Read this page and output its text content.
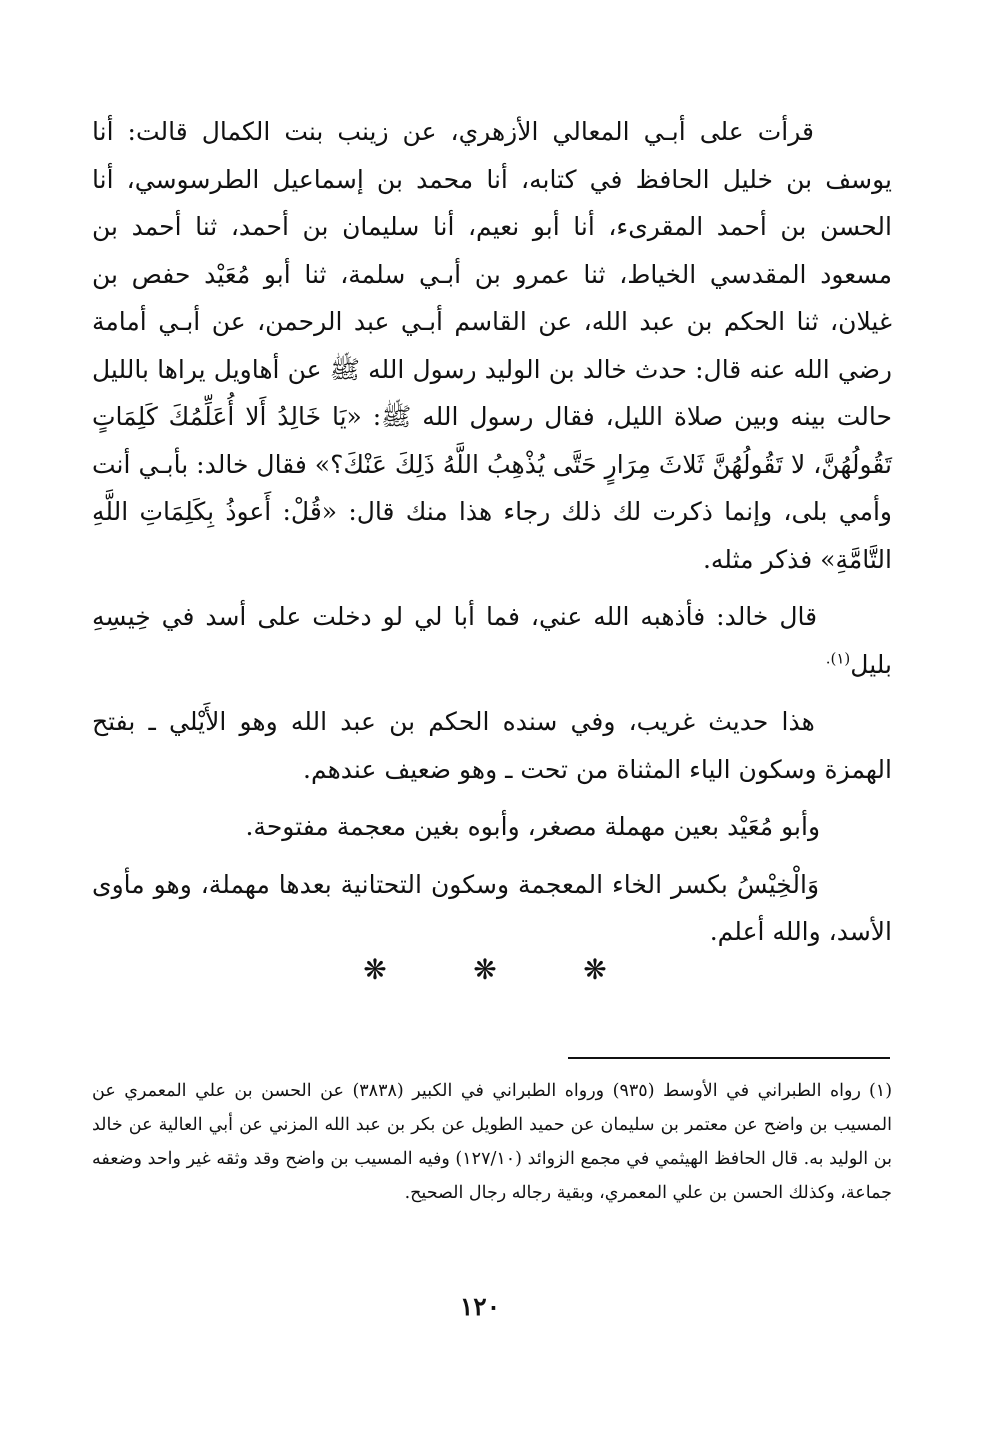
قرأت على أبـي المعالي الأزهري، عن زينب بنت الكمال قالت: أنا يوسف بن خليل الحافظ في كتابه، أنا محمد بن إسماعيل الطرسوسي، أنا الحسن بن أحمد المقرىء، أنا أبو نعيم، أنا سليمان بن أحمد، ثنا أحمد بن مسعود المقدسي الخياط، ثنا عمرو بن أبـي سلمة، ثنا أبو مُعَيْد حفص بن غيلان، ثنا الحكم بن عبد الله، عن القاسم أبـي عبد الرحمن، عن أبـي أمامة رضي الله عنه قال: حدث خالد بن الوليد رسول الله ﷺ عن أهاويل يراها بالليل حالت بينه وبين صلاة الليل، فقال رسول الله ﷺ: «يَا خَالِدُ أَلا أُعَلِّمُكَ كَلِمَاتٍ تَقُولُهُنَّ، لا تَقُولُهُنَّ ثَلاثَ مِرَارٍ حَتَّى يُذْهِبُ اللَّهُ ذَلِكَ عَنْكَ؟» فقال خالد: بأبـي أنت وأمي بلى، وإنما ذكرت لك ذلك رجاء هذا منك قال: «قُلْ: أَعوذُ بِكَلِمَاتِ اللَّهِ التَّامَّةِ» فذكر مثله.

قال خالد: فأذهبه الله عني، فما أبا لي لو دخلت على أسد في خِيسِهِ بليل$^{(١).}$

هذا حديث غريب، وفي سنده الحكم بن عبد الله وهو الأَيْلي ـ بفتح الهمزة وسكون الياء المثناة من تحت ـ وهو ضعيف عندهم.

وأبو مُعَيْد بعين مهملة مصغر، وأبوه بغين معجمة مفتوحة.

وَالْخِيْسُ بكسر الخاء المعجمة وسكون التحتانية بعدها مهملة، وهو مأوى الأسد، والله أعلم.

❋
❋
❋

(١)رواه الطبراني في الأوسط (٩٣٥) ورواه الطبراني في الكبير (٣٨٣٨) عن الحسن بن علي المعمري عن المسيب بن واضح عن معتمر بن سليمان عن حميد الطويل عن بكر بن عبد الله المزني عن أبي العالية عن خالد بن الوليد به. قال الحافظ الهيثمي في مجمع الزوائد (١٢٧/١٠) وفيه المسيب بن واضح وقد وثقه غير واحد وضعفه جماعة، وكذلك الحسن بن علي المعمري، وبقية رجاله رجال الصحيح.

١٢٠
